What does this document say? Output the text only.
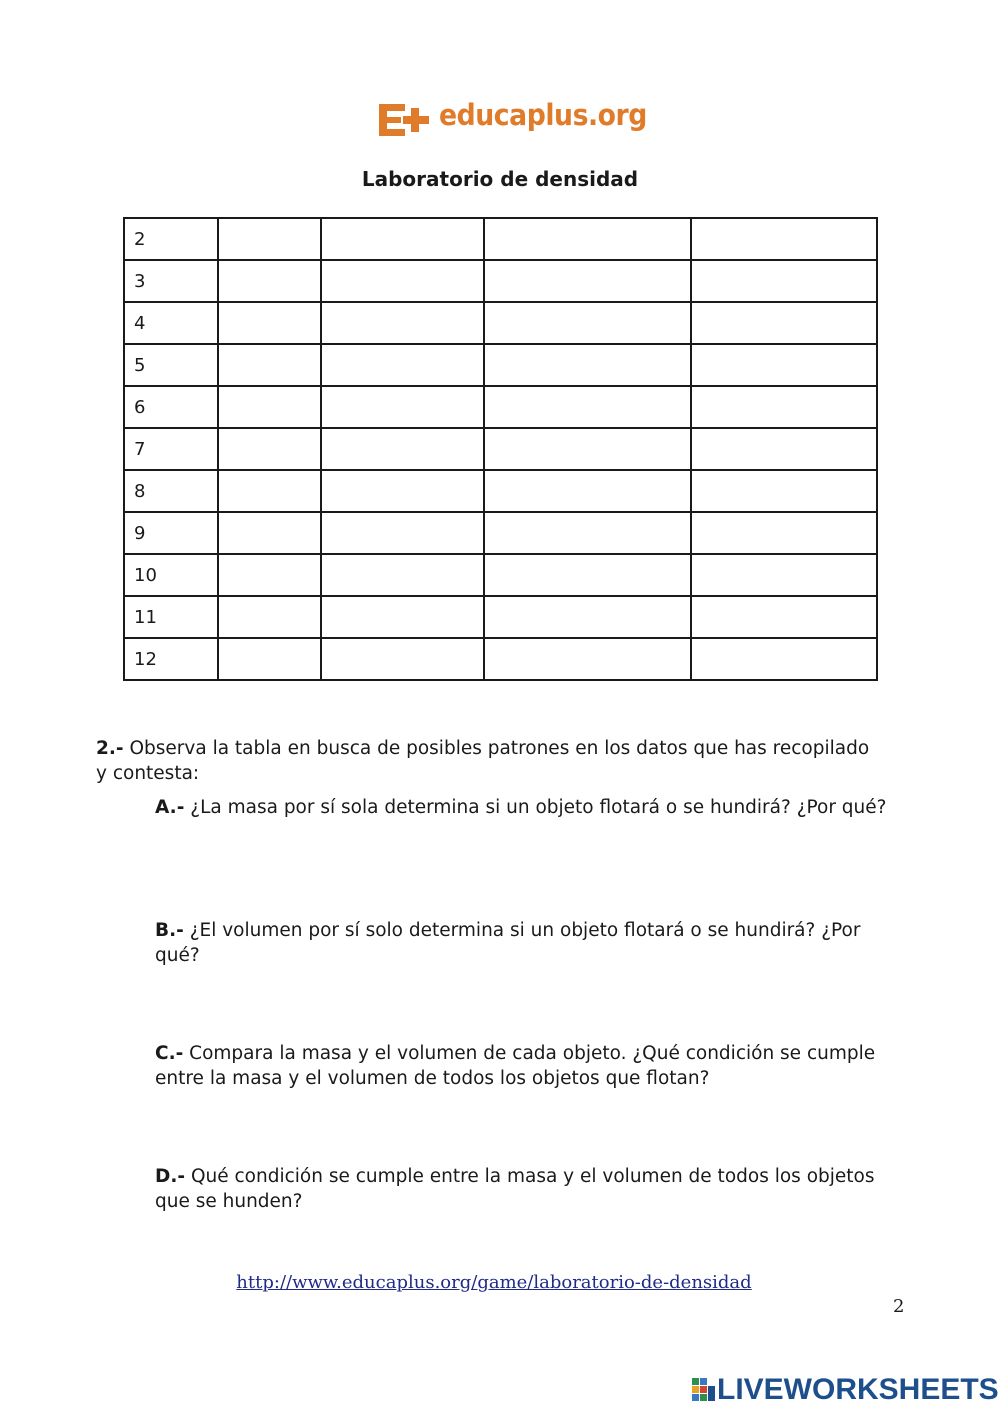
educaplus.org
Laboratorio de densidad
2				
3				
4				
5				
6				
7				
8				
9				
10				
11				
12				
2.- Observa la tabla en busca de posibles patrones en los datos que has recopilado y contesta:
A.- ¿La masa por sí sola determina si un objeto flotará o se hundirá? ¿Por qué?
B.- ¿El volumen por sí solo determina si un objeto flotará o se hundirá? ¿Por qué?
C.- Compara la masa y el volumen de cada objeto. ¿Qué condición se cumple entre la masa y el volumen de todos los objetos que flotan?
D.- Qué condición se cumple entre la masa y el volumen de todos los objetos que se hunden?
http://www.educaplus.org/game/laboratorio-de-densidad
2
LIVEWORKSHEETS
